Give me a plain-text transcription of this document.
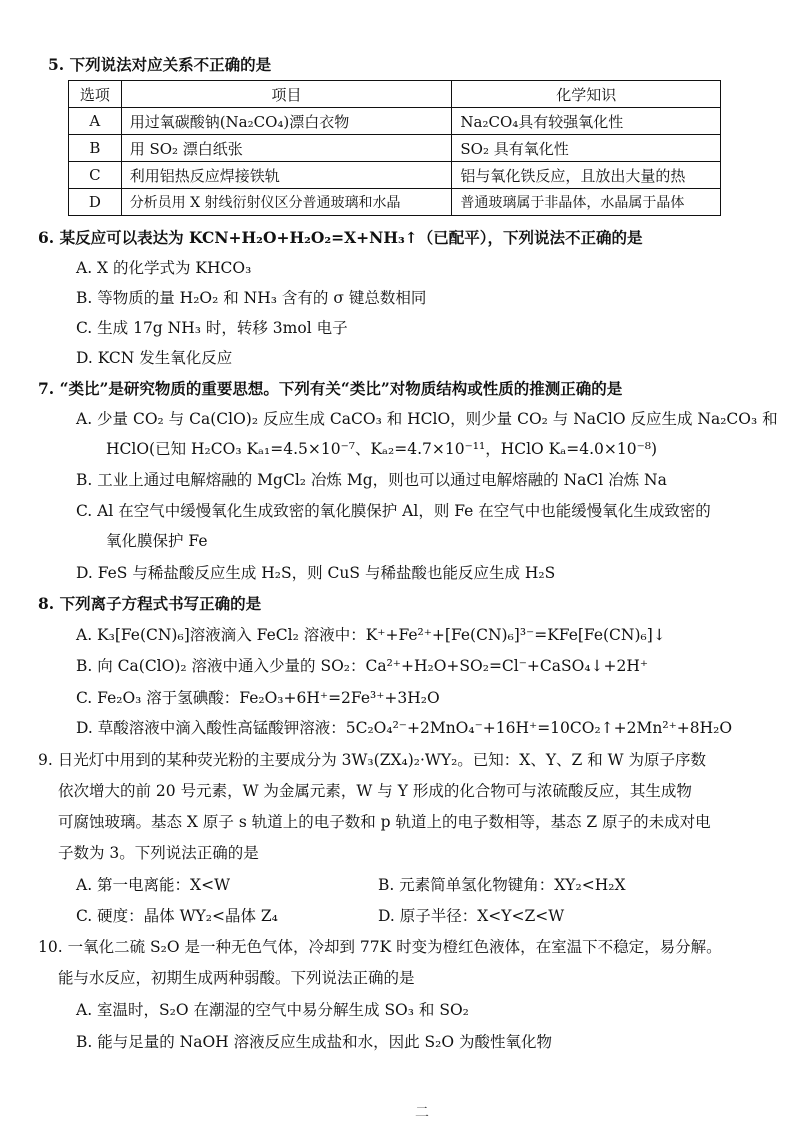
5. 下列说法对应关系不正确的是
选项	项目	化学知识
A	用过氧碳酸钠(Na₂CO₄)漂白衣物	Na₂CO₄具有较强氧化性
B	用 SO₂ 漂白纸张	SO₂ 具有氧化性
C	利用铝热反应焊接铁轨	铝与氧化铁反应，且放出大量的热
D	分析员用 X 射线衍射仪区分普通玻璃和水晶	普通玻璃属于非晶体，水晶属于晶体
6. 某反应可以表达为 KCN+H₂O+H₂O₂=X+NH₃↑（已配平），下列说法不正确的是
A. X 的化学式为 KHCO₃
B. 等物质的量 H₂O₂ 和 NH₃ 含有的 σ 键总数相同
C. 生成 17g NH₃ 时，转移 3mol 电子
D. KCN 发生氧化反应
7. “类比”是研究物质的重要思想。下列有关“类比”对物质结构或性质的推测正确的是
A. 少量 CO₂ 与 Ca(ClO)₂ 反应生成 CaCO₃ 和 HClO，则少量 CO₂ 与 NaClO 反应生成 Na₂CO₃ 和
HClO(已知 H₂CO₃ Kₐ₁=4.5×10⁻⁷、Kₐ₂=4.7×10⁻¹¹，HClO Kₐ=4.0×10⁻⁸)
B. 工业上通过电解熔融的 MgCl₂ 冶炼 Mg，则也可以通过电解熔融的 NaCl 冶炼 Na
C. Al 在空气中缓慢氧化生成致密的氧化膜保护 Al，则 Fe 在空气中也能缓慢氧化生成致密的
氧化膜保护 Fe
D. FeS 与稀盐酸反应生成 H₂S，则 CuS 与稀盐酸也能反应生成 H₂S
8. 下列离子方程式书写正确的是
A. K₃[Fe(CN)₆]溶液滴入 FeCl₂ 溶液中：K⁺+Fe²⁺+[Fe(CN)₆]³⁻=KFe[Fe(CN)₆]↓
B. 向 Ca(ClO)₂ 溶液中通入少量的 SO₂：Ca²⁺+H₂O+SO₂=Cl⁻+CaSO₄↓+2H⁺
C. Fe₂O₃ 溶于氢碘酸：Fe₂O₃+6H⁺=2Fe³⁺+3H₂O
D. 草酸溶液中滴入酸性高锰酸钾溶液：5C₂O₄²⁻+2MnO₄⁻+16H⁺=10CO₂↑+2Mn²⁺+8H₂O
9. 日光灯中用到的某种荧光粉的主要成分为 3W₃(ZX₄)₂·WY₂。已知：X、Y、Z 和 W 为原子序数
依次增大的前 20 号元素，W 为金属元素，W 与 Y 形成的化合物可与浓硫酸反应，其生成物
可腐蚀玻璃。基态 X 原子 s 轨道上的电子数和 p 轨道上的电子数相等，基态 Z 原子的未成对电
子数为 3。下列说法正确的是
A. 第一电离能：X<W	B. 元素简单氢化物键角：XY₂<H₂X
C. 硬度：晶体 WY₂<晶体 Z₄	D. 原子半径：X<Y<Z<W
10. 一氧化二硫 S₂O 是一种无色气体，冷却到 77K 时变为橙红色液体，在室温下不稳定，易分解。
能与水反应，初期生成两种弱酸。下列说法正确的是
A. 室温时，S₂O 在潮湿的空气中易分解生成 SO₃ 和 SO₂
B. 能与足量的 NaOH 溶液反应生成盐和水，因此 S₂O 为酸性氧化物
二
